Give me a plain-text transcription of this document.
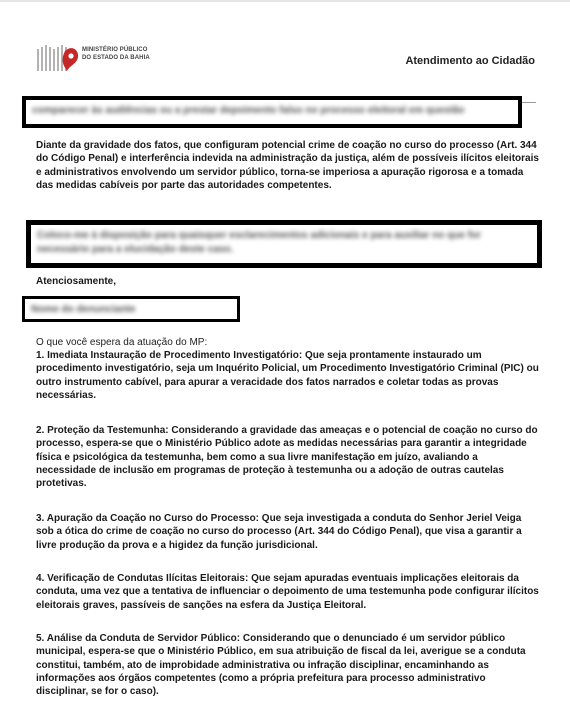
MINISTÉRIO PÚBLICO
DO ESTADO DA BAHIA	Atendimento ao Cidadão
comparecer às audiências ou a prestar depoimento falso no processo eleitoral em questão
Diante da gravidade dos fatos, que configuram potencial crime de coação no curso do processo (Art. 344 do Código Penal) e interferência indevida na administração da justiça, além de possíveis ilícitos eleitorais e administrativos envolvendo um servidor público, torna-se imperiosa a apuração rigorosa e a tomada das medidas cabíveis por parte das autoridades competentes.
Coloco-me à disposição para quaisquer esclarecimentos adicionais e para auxiliar no que for
necessário para a elucidação deste caso.
Atenciosamente,
Nome do denunciante
O que você espera da atuação do MP:
1. Imediata Instauração de Procedimento Investigatório: Que seja prontamente instaurado um procedimento investigatório, seja um Inquérito Policial, um Procedimento Investigatório Criminal (PIC) ou outro instrumento cabível, para apurar a veracidade dos fatos narrados e coletar todas as provas necessárias.
2. Proteção da Testemunha: Considerando a gravidade das ameaças e o potencial de coação no curso do processo, espera-se que o Ministério Público adote as medidas necessárias para garantir a integridade física e psicológica da testemunha, bem como a sua livre manifestação em juízo, avaliando a necessidade de inclusão em programas de proteção à testemunha ou a adoção de outras cautelas protetivas.
3. Apuração da Coação no Curso do Processo: Que seja investigada a conduta do Senhor Jeriel Veiga sob a ótica do crime de coação no curso do processo (Art. 344 do Código Penal), que visa a garantir a livre produção da prova e a higidez da função jurisdicional.
4. Verificação de Condutas Ilícitas Eleitorais: Que sejam apuradas eventuais implicações eleitorais da conduta, uma vez que a tentativa de influenciar o depoimento de uma testemunha pode configurar ilícitos eleitorais graves, passíveis de sanções na esfera da Justiça Eleitoral.
5. Análise da Conduta de Servidor Público: Considerando que o denunciado é um servidor público municipal, espera-se que o Ministério Público, em sua atribuição de fiscal da lei, averigue se a conduta constitui, também, ato de improbidade administrativa ou infração disciplinar, encaminhando as informações aos órgãos competentes (como a própria prefeitura para processo administrativo disciplinar, se for o caso).
